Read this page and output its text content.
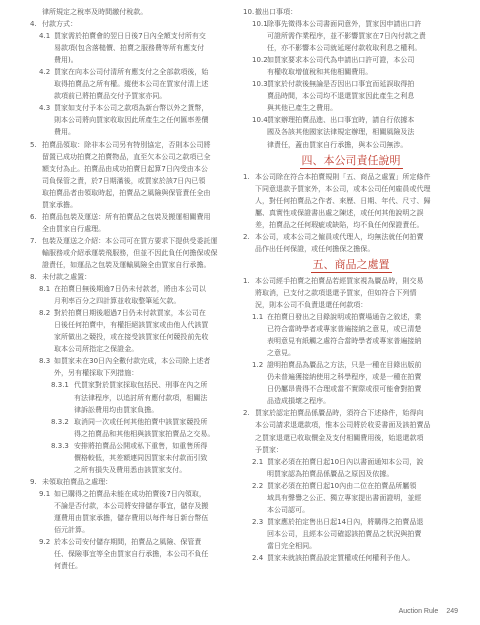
律所規定之稅率及時間繳付稅款。
4. 付款方式：
4.1 買家需於拍賣會的翌日日後7日內全額支付所有交
易款項(包含落槌價、拍賣之服務費等所有應支付
費用)。
4.2 買家在向本公司付清所有應支付之全部款項後，始
取得拍賣品之所有權。縱使本公司在買家付清上述
款項前已將拍賣品交付予買家亦同。
4.3 買家如支付予本公司之款項為新台幣以外之貨幣，
則本公司將向買家收取因此所產生之任何匯率差價
費用。
5. 拍賣品領取：除非本公司另有特別協定，否則本公司將
留置已成功拍賣之拍賣物品，直至欠本公司之款項已全
額支付為止。拍賣品由成功拍賣日起算7日內受由本公
司負保管之責，於7日期滿後，或買家於該7日內已領
取拍賣品者由領取時起，拍賣品之風險與保管責任全由
買家承擔。
6. 拍賣品包裝及運送：所有拍賣品之包裝及搬運相關費用
全由買家自行處理。
7. 包裝及運送之介紹：本公司可在買方要求下提供受委託運
輸服務或介紹承運裝飛服務，但並不因此負任何擔保或保
證責任，如運品之包裝及運輸風險全由買家自行承擔。
8. 未付款之處置：
8.1 在拍賣日無後期逾7日仍未付款者，將由本公司以
月利率百分之四計算並收取整筆延欠款。
8.2 對於拍賣日期後超過7日仍未付款買家，本公司在
日後任何拍賣中，有權拒絕該買家或由他人代該買
家所做出之競投，或在接受該買家任何競投前先收
取本公司所指定之保證金。
8.3 如買家未在30日內全數付款完成，本公司除上述者
外，另有權採取下列措施：
8.3.1 代買家對於買家採取包括民、刑事在內之所
有法律程序，以追討所有應付款項，相關法
律訴訟費用均由買家負擔。
8.3.2 取消同一次或任何其他拍賣中該買家競投所
得之拍賣品和其他相與該買家拍賣品之交易。
8.3.3 安排將拍賣品公開或私下重售，如重售所得
價格較低，其差額連同因買家未付款而引致
之所有損失及費用悉由該買家支付。
9. 未領取拍賣品之處理：
9.1 如已購得之拍賣品未能在成功拍賣後7日內領取，
不論是否付款，本公司將安排儲存事宜，儲存及搬
運費用由買家承擔，儲存費用以每件每日新台幣伍
佰元計算。
9.2 於本公司安付儲存期間，拍賣品之風險、保管責
任、保險事宜等全由買家自行承擔，本公司不負任
何責任。
10. 撤出口事項：
10.1 除事先徵得本公司書面同意外，買家因申請出口許
可證所需作業程序，並不影響買家在7日內付款之責
任，亦不影響本公司就延遲付款收取利息之權利。
10.2 如買家要求本公司代為申請出口許可證，本公司
有權收取增值稅和其他相關費用。
10.3 買家於付款後無論是否因出口事宜而延誤取得拍
賣品時間，本公司均不退還買家因此產生之利息
與其他已產生之費用。
10.4 買家辦理拍賣品進、出口事宜時，請自行依據本
國及各該其他國家法律規定辦理，相關風險及法
律責任，蓋由買家自行承擔，與本公司無涉。
四、本公司責任說明
1. 本公司除在符合本拍賣規則「五、商品之處置」所定條件
下同意退款予買家外，本公司，或本公司任何雇員或代理
人，對任何拍賣品之作者、來歷、日期、年代、尺寸、歸
屬、真實性或保證書出處之陳述，或任何其他說明之誤
差，拍賣品之任何瑕疵或缺陷，均不負任何保證責任。
2. 本公司，或本公司之僱員或代理人，均無法就任何拍賣
品作出任何保證，或任何擔保之擔保。
五、商品之處置
1. 本公司經手拍賣之拍賣品若經買家視為贗品時，則交易
將取消，已支付之款項退還予買家，但如符合下列情
況，則本公司不負責退還任何款項：
1.1 在拍賣日發出之目錄說明或拍賣場通告之敘述，業
已符合當時學者或專家普遍接納之意見，或已清楚
表明意見有紙觸之處符合當時學者或專家普遍接納
之意見。
1.2 證明拍賣品為贗品之方法，只是一種在目錄出版前
仍未普遍獲接納使用之科學程序，或是一種在拍賣
日仍屬昂貴得不合理或當不實際或很可能會對拍賣
品造成損壞之程序。
2. 買家於認定拍賣品係贗品時，須符合下述條件，始得向
本公司請求退還款項，惟本公司將於收妥書面及該拍賣品
之買家退還已收取價金及支付相關費用後，始退還款項
予買家：
2.1 買家必須在拍賣日起10日內以書面通知本公司，說
明買家認為拍賣品係贗品之原因及依據。
2.2 買家必須在拍賣日起10內由二位在拍賣品所屬領
域具有聲譽之公正、獨立專家提出書面證明，並經
本公司認可。
2.3 買家應於拍定售出日起14日內，將購得之拍賣品退
回本公司，且經本公司確認該拍賣品之狀況與拍賣
當日完全相同。
2.4 買家未就該拍賣品設定質權或任何權利予他人。
Auction Rule 249
